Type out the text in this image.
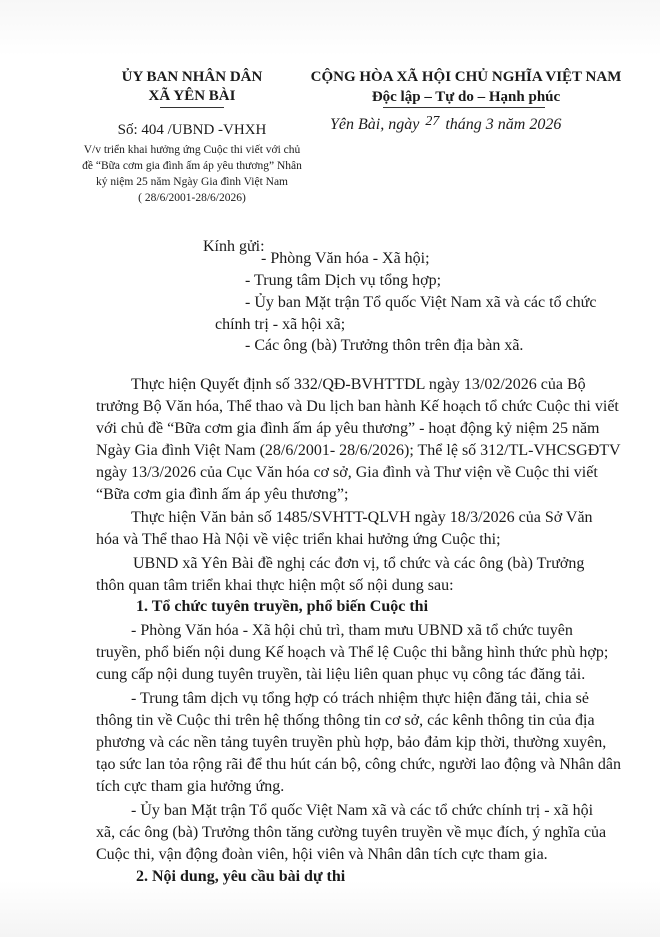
ỦY BAN NHÂN DÂN
XÃ YÊN BÀI
CỘNG HÒA XÃ HỘI CHỦ NGHĨA VIỆT NAM
Độc lập – Tự do – Hạnh phúc
Số: 404 /UBND -VHXH
V/v triển khai hưởng ứng Cuộc thi viết với chủ
đề “Bữa cơm gia đình ấm áp yêu thương” Nhân
kỷ niệm 25 năm Ngày Gia đình Việt Nam
( 28/6/2001-28/6/2026)
Yên Bài, ngày 27 tháng 3 năm 2026
Kính gửi:
- Phòng Văn hóa - Xã hội;
- Trung tâm Dịch vụ tổng hợp;
- Ủy ban Mặt trận Tổ quốc Việt Nam xã và các tổ chức
chính trị - xã hội xã;
- Các ông (bà) Trưởng thôn trên địa bàn xã.
Thực hiện Quyết định số 332/QĐ-BVHTTDL ngày 13/02/2026 của Bộ
trưởng Bộ Văn hóa, Thể thao và Du lịch ban hành Kế hoạch tổ chức Cuộc thi viết
với chủ đề “Bữa cơm gia đình ấm áp yêu thương” - hoạt động kỷ niệm 25 năm
Ngày Gia đình Việt Nam (28/6/2001- 28/6/2026); Thể lệ số 312/TL-VHCSGĐTV
ngày 13/3/2026 của Cục Văn hóa cơ sở, Gia đình và Thư viện về Cuộc thi viết
“Bữa cơm gia đình ấm áp yêu thương”;
Thực hiện Văn bản số 1485/SVHTT-QLVH ngày 18/3/2026 của Sở Văn
hóa và Thể thao Hà Nội về việc triển khai hưởng ứng Cuộc thi;
UBND xã Yên Bài đề nghị các đơn vị, tổ chức và các ông (bà) Trưởng
thôn quan tâm triển khai thực hiện một số nội dung sau:
1. Tổ chức tuyên truyền, phổ biến Cuộc thi
- Phòng Văn hóa - Xã hội chủ trì, tham mưu UBND xã tổ chức tuyên
truyền, phổ biến nội dung Kế hoạch và Thể lệ Cuộc thi bằng hình thức phù hợp;
cung cấp nội dung tuyên truyền, tài liệu liên quan phục vụ công tác đăng tải.
- Trung tâm dịch vụ tổng hợp có trách nhiệm thực hiện đăng tải, chia sẻ
thông tin về Cuộc thi trên hệ thống thông tin cơ sở, các kênh thông tin của địa
phương và các nền tảng tuyên truyền phù hợp, bảo đảm kịp thời, thường xuyên,
tạo sức lan tỏa rộng rãi để thu hút cán bộ, công chức, người lao động và Nhân dân
tích cực tham gia hưởng ứng.
- Ủy ban Mặt trận Tổ quốc Việt Nam xã và các tổ chức chính trị - xã hội
xã, các ông (bà) Trưởng thôn tăng cường tuyên truyền về mục đích, ý nghĩa của
Cuộc thi, vận động đoàn viên, hội viên và Nhân dân tích cực tham gia.
2. Nội dung, yêu cầu bài dự thi
